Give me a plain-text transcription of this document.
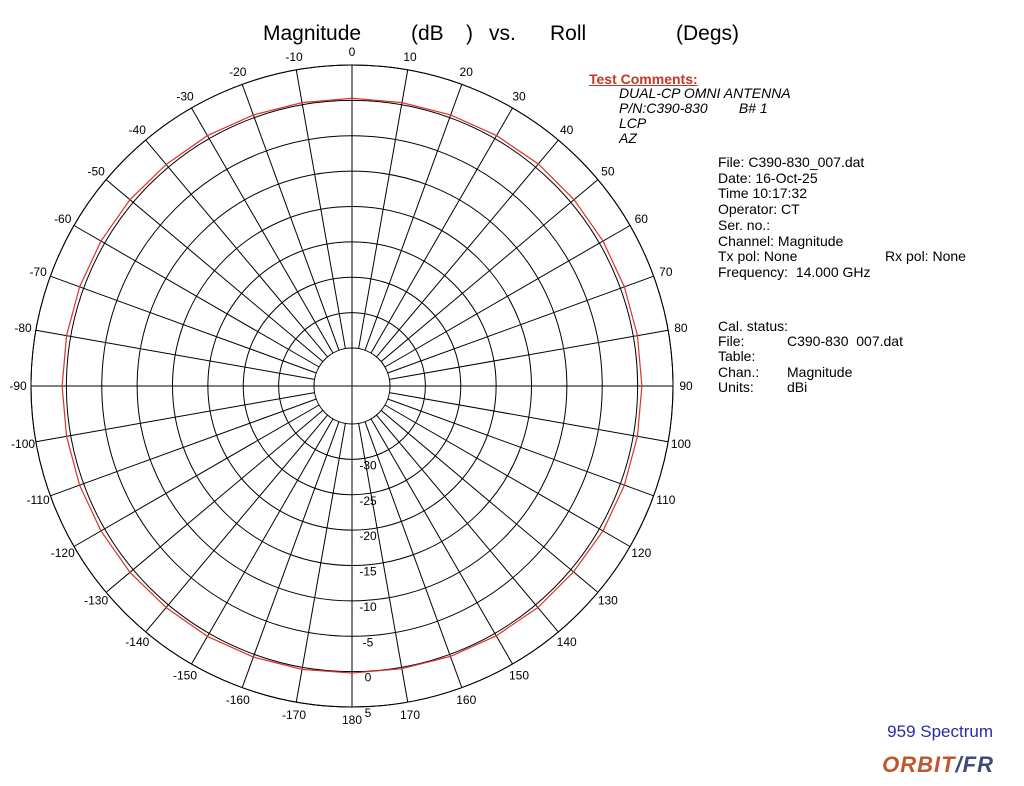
-90
-80
-70
-60
-50
-40
-30
-20
-10	0	10
20
30
40
50
60
70
80
90
100
110
120
130
140
150
160
170
180
-170
-160
-150
-140
-130
-120
-110
-100
-30
-25
-20
-15
-10
-5
0
5
Magnitude (dB ) vs. Roll	(Degs)
Test Comments:
DUAL-CP OMNI ANTENNA
P/N:C390-830        B# 1
LCP
AZ
File: C390-830_007.dat
Date: 16-Oct-25
Time 10:17:32
Operator: CT
Ser. no.:
Channel: Magnitude
Tx pol: None	Rx pol: None
Frequency:  14.000 GHz
Cal. status:
File:	C390-830  007.dat
Table:
Chan.: Magnitude
Units: dBi
959 Spectrum
ORBIT/FR
